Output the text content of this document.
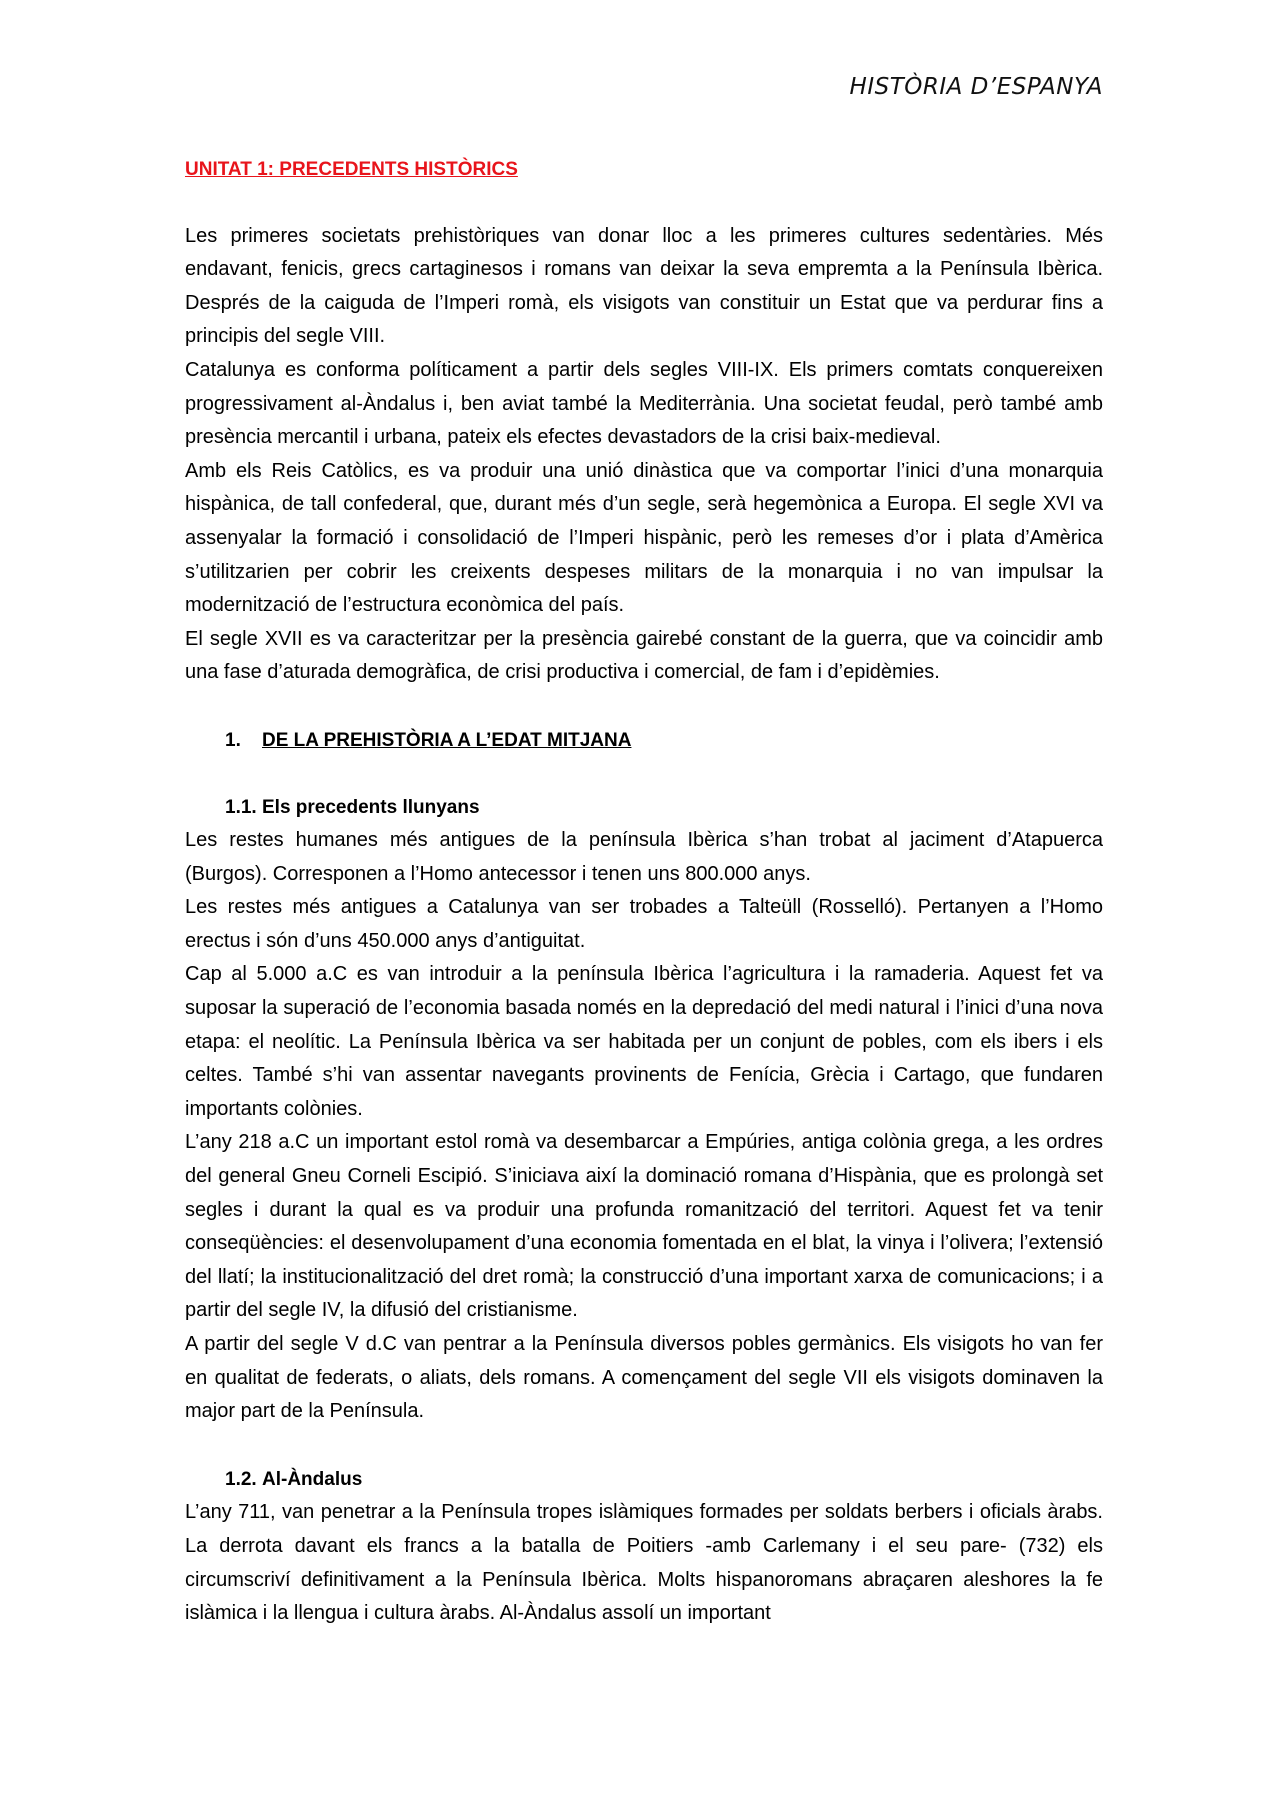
HISTÒRIA D’ESPANYA
UNITAT 1: PRECEDENTS HISTÒRICS

Les primeres societats prehistòriques van donar lloc a les primeres cultures sedentàries. Més endavant, fenicis, grecs cartaginesos i romans van deixar la seva empremta a la Península Ibèrica. Després de la caiguda de l’Imperi romà, els visigots van constituir un Estat que va perdurar fins a principis del segle VIII.

Catalunya es conforma políticament a partir dels segles VIII-IX. Els primers comtats conquereixen progressivament al-Àndalus i, ben aviat també la Mediterrània. Una societat feudal, però també amb presència mercantil i urbana, pateix els efectes devastadors de la crisi baix-medieval.

Amb els Reis Catòlics, es va produir una unió dinàstica que va comportar l’inici d’una monarquia hispànica, de tall confederal, que, durant més d’un segle, serà hegemònica a Europa. El segle XVI va assenyalar la formació i consolidació de l’Imperi hispànic, però les remeses d’or i plata d’Amèrica s’utilitzarien per cobrir les creixents despeses militars de la monarquia i no van impulsar la modernització de l’estructura econòmica del país.

El segle XVII es va caracteritzar per la presència gairebé constant de la guerra, que va coincidir amb una fase d’aturada demogràfica, de crisi productiva i comercial, de fam i d’epidèmies.

1.	DE LA PREHISTÒRIA A L’EDAT MITJANA
1.1. Els precedents llunyans

Les restes humanes més antigues de la península Ibèrica s’han trobat al jaciment d’Atapuerca (Burgos). Corresponen a l’Homo antecessor i tenen uns 800.000 anys.

Les restes més antigues a Catalunya van ser trobades a Talteüll (Rosselló). Pertanyen a l’Homo erectus i són d’uns 450.000 anys d’antiguitat.

Cap al 5.000 a.C es van introduir a la península Ibèrica l’agricultura i la ramaderia. Aquest fet va suposar la superació de l’economia basada només en la depredació del medi natural i l’inici d’una nova etapa: el neolític. La Península Ibèrica va ser habitada per un conjunt de pobles, com els ibers i els celtes. També s’hi van assentar navegants provinents de Fenícia, Grècia i Cartago, que fundaren importants colònies.

L’any 218 a.C un important estol romà va desembarcar a Empúries, antiga colònia grega, a les ordres del general Gneu Corneli Escipió. S’iniciava així la dominació romana d’Hispània, que es prolongà set segles i durant la qual es va produir una profunda romanització del territori. Aquest fet va tenir conseqüències: el desenvolupament d’una economia fomentada en el blat, la vinya i l’olivera; l’extensió del llatí; la institucionalització del dret romà; la construcció d’una important xarxa de comunicacions; i a partir del segle IV, la difusió del cristianisme.

A partir del segle V d.C van pentrar a la Península diversos pobles germànics. Els visigots ho van fer en qualitat de federats, o aliats, dels romans. A començament del segle VII els visigots dominaven la major part de la Península.

1.2. Al-Àndalus

L’any 711, van penetrar a la Península tropes islàmiques formades per soldats berbers i oficials àrabs. La derrota davant els francs a la batalla de Poitiers -amb Carlemany i el seu pare- (732) els circumscriví definitivament a la Península Ibèrica. Molts hispanoromans abraçaren aleshores la fe islàmica i la llengua i cultura àrabs. Al-Àndalus assolí un important
